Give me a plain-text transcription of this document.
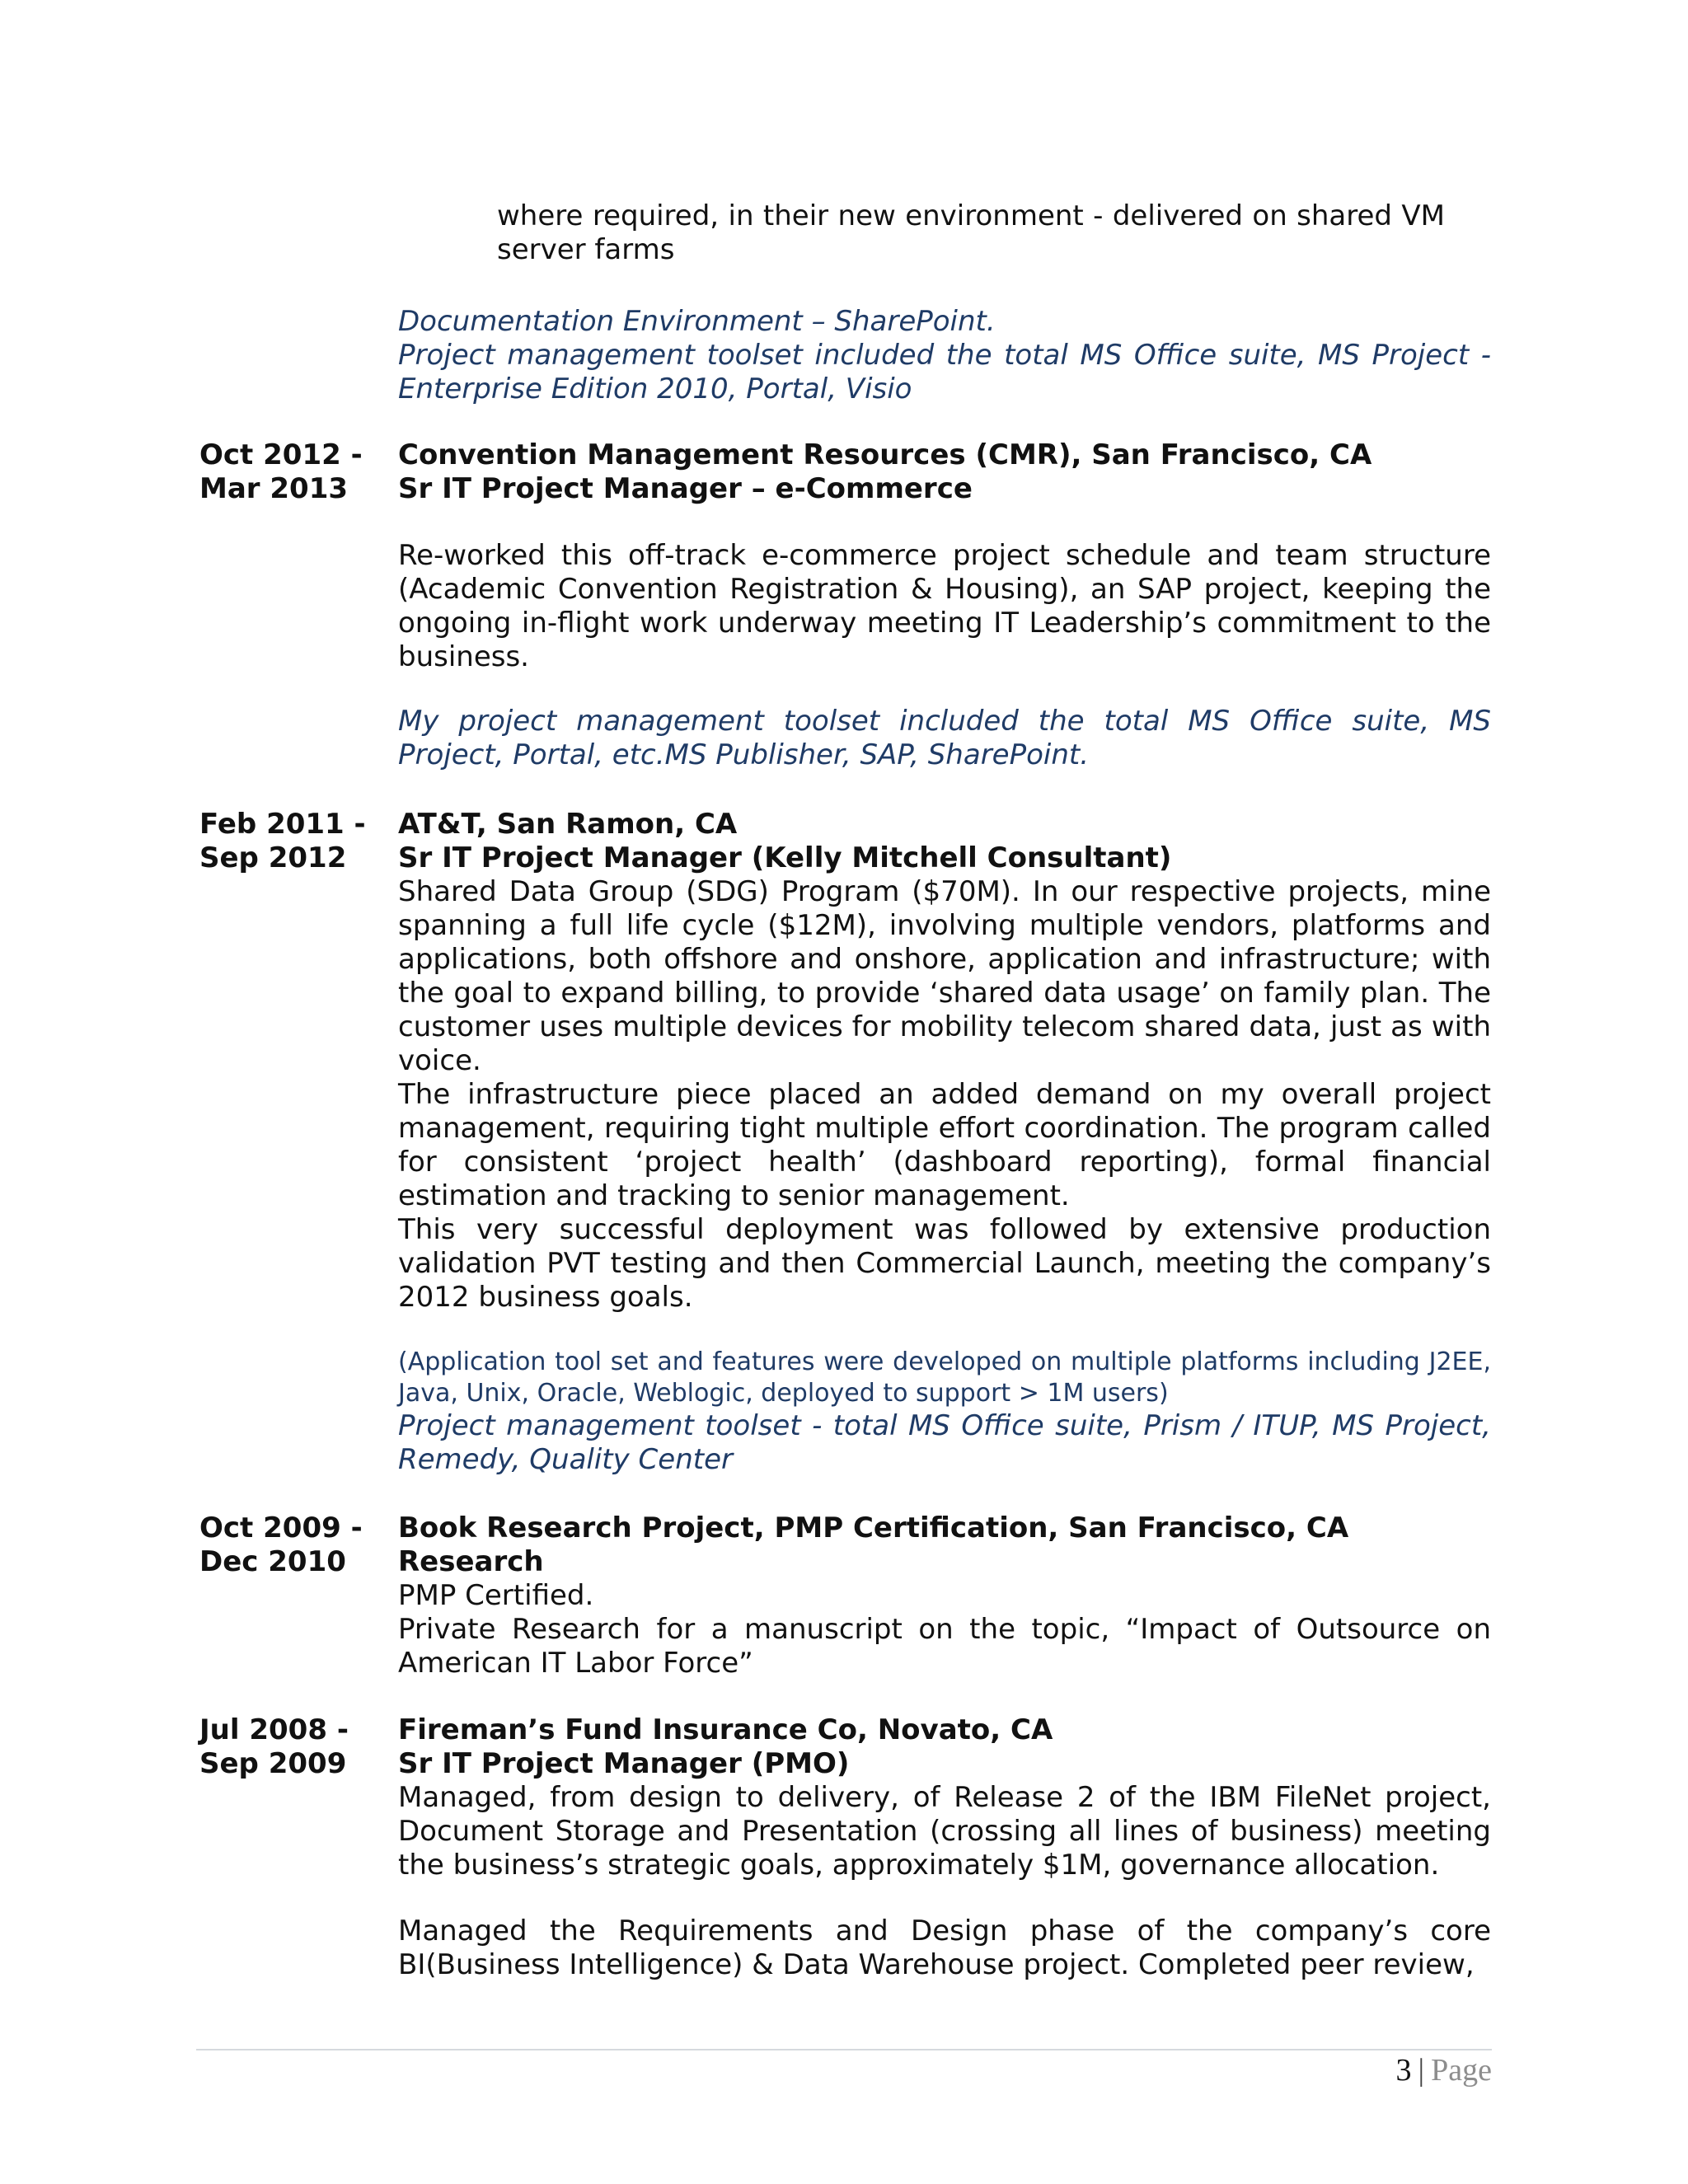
where required, in their new environment - delivered on shared VM server farms
Documentation Environment – SharePoint.
Project management toolset included the total MS Office suite, MS Project - Enterprise Edition 2010, Portal, Visio
Oct 2012 -
Mar 2013
Convention Management Resources (CMR), San Francisco, CA
Sr IT Project Manager – e-Commerce
Re-worked this off-track e-commerce project schedule and team structure (Academic Convention Registration & Housing), an SAP project, keeping the ongoing in-flight work underway meeting IT Leadership’s commitment to the business.
My project management toolset included the total MS Office suite, MS Project, Portal, etc.MS Publisher, SAP, SharePoint.
Feb 2011 -
Sep 2012
AT&T, San Ramon, CA
Sr IT Project Manager (Kelly Mitchell Consultant)
Shared Data Group (SDG) Program ($70M). In our respective projects, mine spanning a full life cycle ($12M), involving multiple vendors, platforms and applications, both offshore and onshore, application and infrastructure; with the goal to expand billing, to provide ‘shared data usage’ on family plan. The customer uses multiple devices for mobility telecom shared data, just as with voice.
The infrastructure piece placed an added demand on my overall project management, requiring tight multiple effort coordination. The program called for consistent ‘project health’ (dashboard reporting), formal financial estimation and tracking to senior management.
This very successful deployment was followed by extensive production validation PVT testing and then Commercial Launch, meeting the company’s 2012 business goals.
(Application tool set and features were developed on multiple platforms including J2EE, Java, Unix, Oracle, Weblogic, deployed to support > 1M users)
Project management toolset - total MS Office suite, Prism / ITUP, MS Project, Remedy, Quality Center
Oct 2009 -
Dec 2010
Book Research Project, PMP Certification, San Francisco, CA
Research
PMP Certified.
Private Research for a manuscript on the topic, “Impact of Outsource on American IT Labor Force”
Jul 2008 -
Sep 2009
Fireman’s Fund Insurance Co, Novato, CA
Sr IT Project Manager (PMO)
Managed, from design to delivery, of Release 2 of the IBM FileNet project, Document Storage and Presentation (crossing all lines of business) meeting the business’s strategic goals, approximately $1M, governance allocation.
Managed the Requirements and Design phase of the company’s core BI(Business Intelligence) & Data Warehouse project. Completed peer review,
3 | Page
